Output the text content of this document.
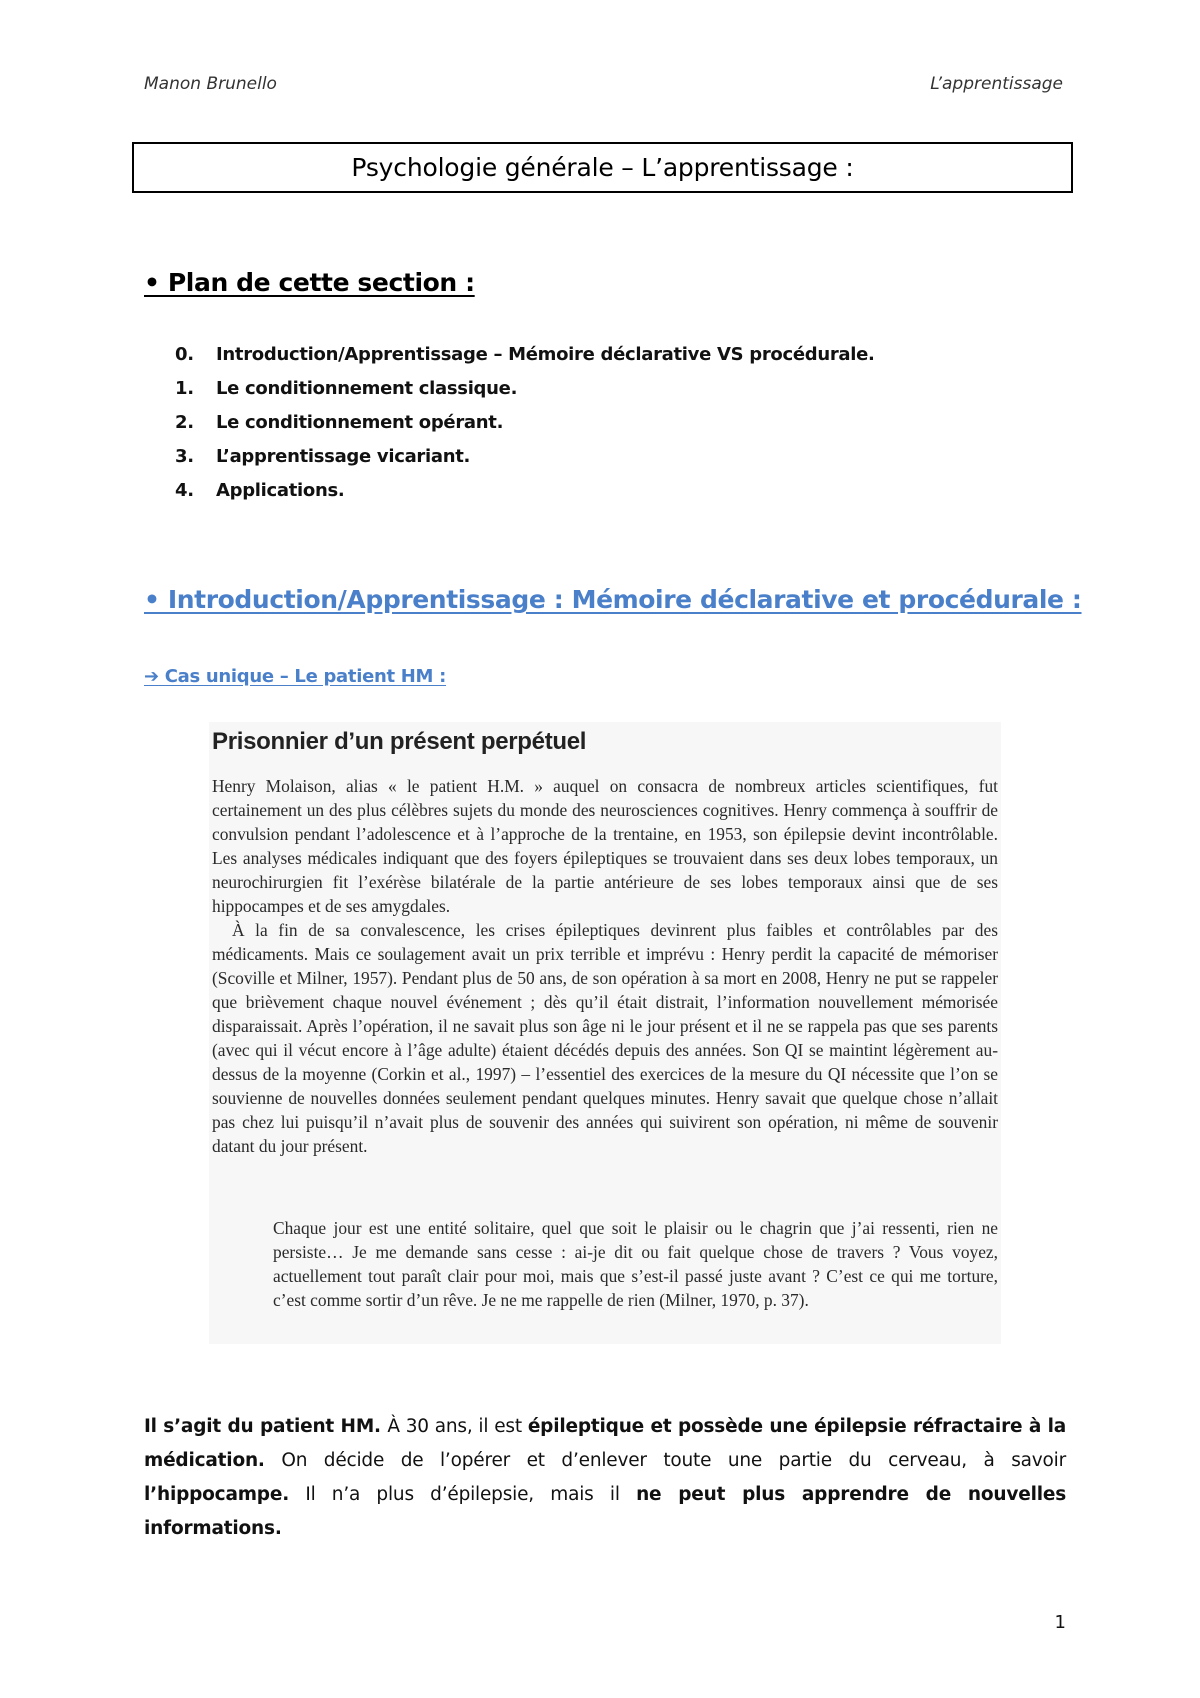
Manon Brunello	L’apprentissage
Psychologie générale – L’apprentissage :
• Plan de cette section :
0.	Introduction/Apprentissage – Mémoire déclarative VS procédurale.
1.	Le conditionnement classique.
2.	Le conditionnement opérant.
3.	L’apprentissage vicariant.
4.	Applications.
• Introduction/Apprentissage : Mémoire déclarative et procédurale :
➔ Cas unique – Le patient HM :
Prisonnier d’un présent perpétuel

Henry Molaison, alias « le patient H.M. » auquel on consacra de nombreux articles scientifiques, fut certainement un des plus célèbres sujets du monde des neurosciences cognitives. Henry commença à souffrir de convulsion pendant l’adolescence et à l’approche de la trentaine, en 1953, son épilepsie devint incontrôlable. Les analyses médicales indiquant que des foyers épileptiques se trouvaient dans ses deux lobes temporaux, un neurochirurgien fit l’exérèse bilatérale de la partie antérieure de ses lobes temporaux ainsi que de ses hippocampes et de ses amygdales.

À la fin de sa convalescence, les crises épileptiques devinrent plus faibles et contrôlables par des médicaments. Mais ce soulagement avait un prix terrible et imprévu : Henry perdit la capacité de mémoriser (Scoville et Milner, 1957). Pendant plus de 50 ans, de son opération à sa mort en 2008, Henry ne put se rappeler que brièvement chaque nouvel événement ; dès qu’il était distrait, l’information nouvellement mémorisée disparaissait. Après l’opération, il ne savait plus son âge ni le jour présent et il ne se rappela pas que ses parents (avec qui il vécut encore à l’âge adulte) étaient décédés depuis des années. Son QI se maintint légèrement au-dessus de la moyenne (Corkin et al., 1997) – l’essentiel des exercices de la mesure du QI nécessite que l’on se souvienne de nouvelles données seulement pendant quelques minutes. Henry savait que quelque chose n’allait pas chez lui puisqu’il n’avait plus de souvenir des années qui suivirent son opération, ni même de souvenir datant du jour présent.

Chaque jour est une entité solitaire, quel que soit le plaisir ou le chagrin que j’ai ressenti, rien ne persiste… Je me demande sans cesse : ai-je dit ou fait quelque chose de travers ? Vous voyez, actuellement tout paraît clair pour moi, mais que s’est-il passé juste avant ? C’est ce qui me torture, c’est comme sortir d’un rêve. Je ne me rappelle de rien (Milner, 1970, p. 37).
Il s’agit du patient HM. À 30 ans, il est épileptique et possède une épilepsie réfractaire à la médication. On décide de l’opérer et d’enlever toute une partie du cerveau, à savoir l’hippocampe. Il n’a plus d’épilepsie, mais il ne peut plus apprendre de nouvelles informations.
1
